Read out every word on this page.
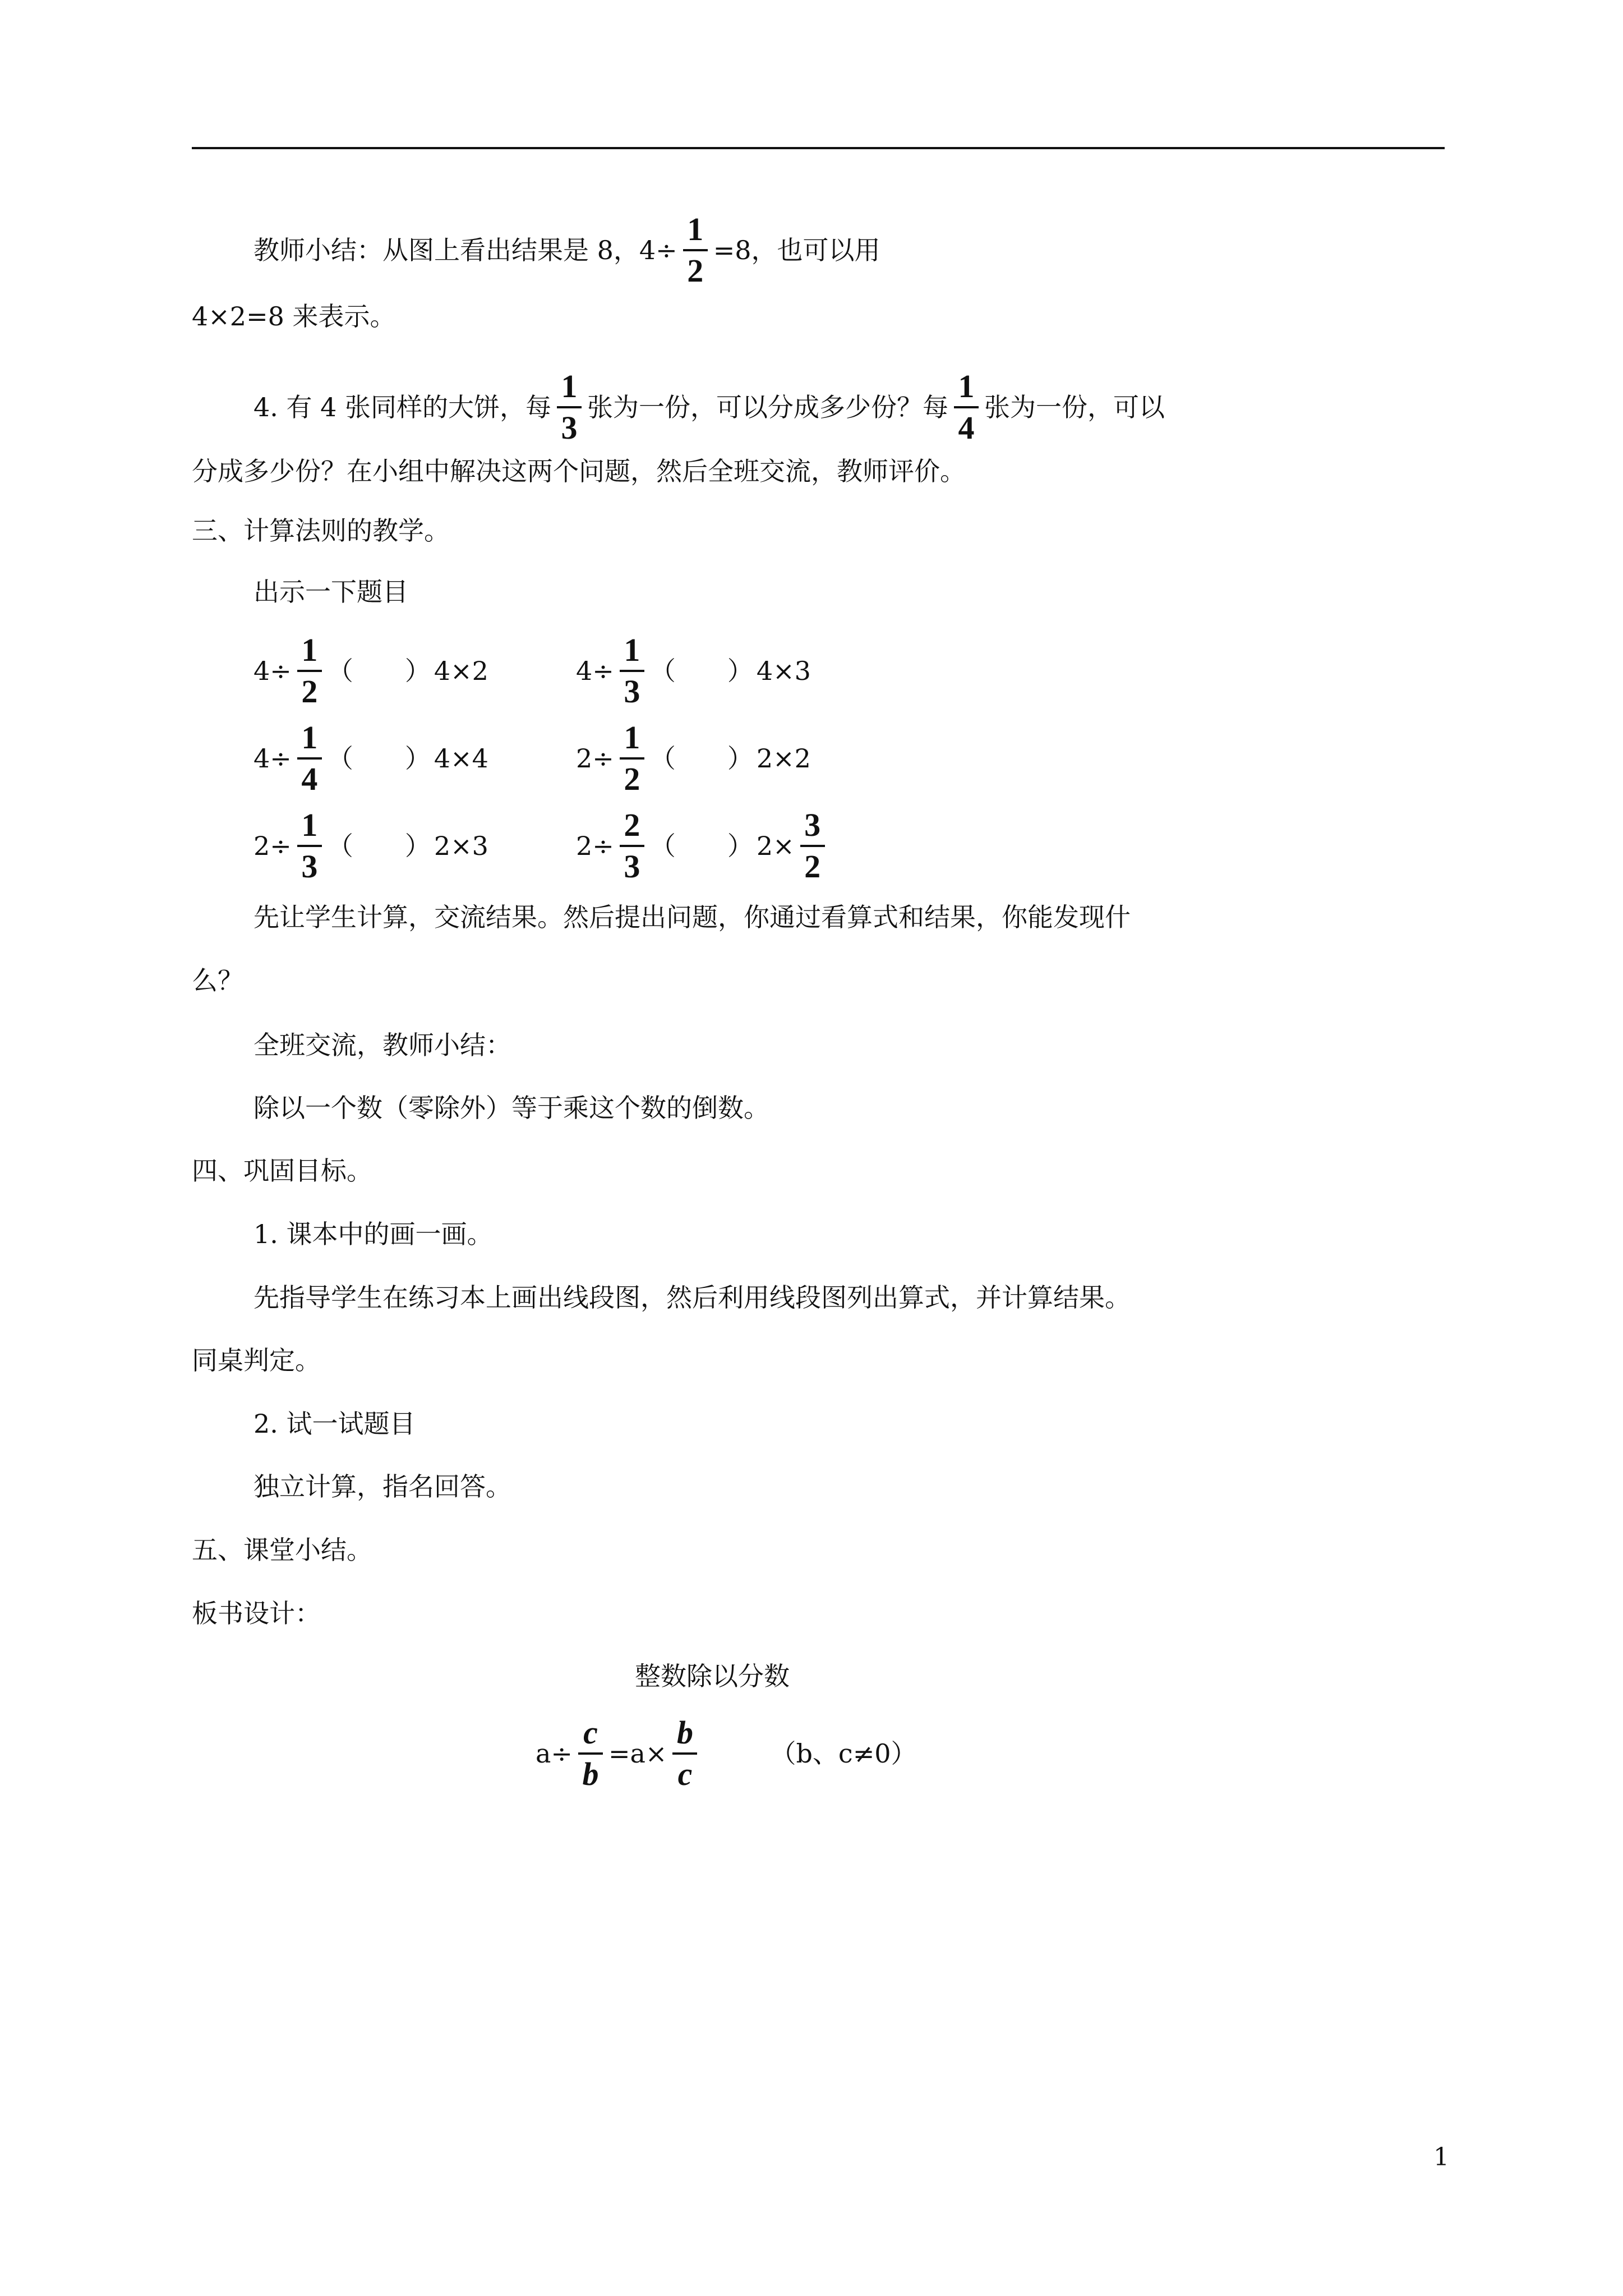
教师小结：从图上看出结果是 8，$4\div \frac{1}{2} =8$，也可以用
4×2=8 来表示。
4. 有 4 张同样的大饼，每 $\frac{1}{3}$ 张为一份，可以分成多少份？每 $\frac{1}{4}$ 张为一份，可以
分成多少份？在小组中解决这两个问题，然后全班交流，教师评价。
三、计算法则的教学。
出示一下题目
$4\div \frac{1}{2}$ （　　） 4×2	$4\div \frac{1}{3}$ （　　） 4×3
$4\div \frac{1}{4}$ （　　） 4×4	$2\div \frac{1}{2}$ （　　） 2×2
$2\div \frac{1}{3}$ （　　） 2×3	$2\div \frac{2}{3}$ （　　） $2\times \frac{3}{2}$
先让学生计算，交流结果。然后提出问题，你通过看算式和结果，你能发现什
么？
全班交流，教师小结：
除以一个数（零除外）等于乘这个数的倒数。
四、巩固目标。
1. 课本中的画一画。
先指导学生在练习本上画出线段图，然后利用线段图列出算式，并计算结果。
同桌判定。
2. 试一试题目
独立计算，指名回答。
五、课堂小结。
板书设计：
整数除以分数
$a\div \frac{c}{b} =a\times \frac{b}{c}$	（b、c≠0）
1
